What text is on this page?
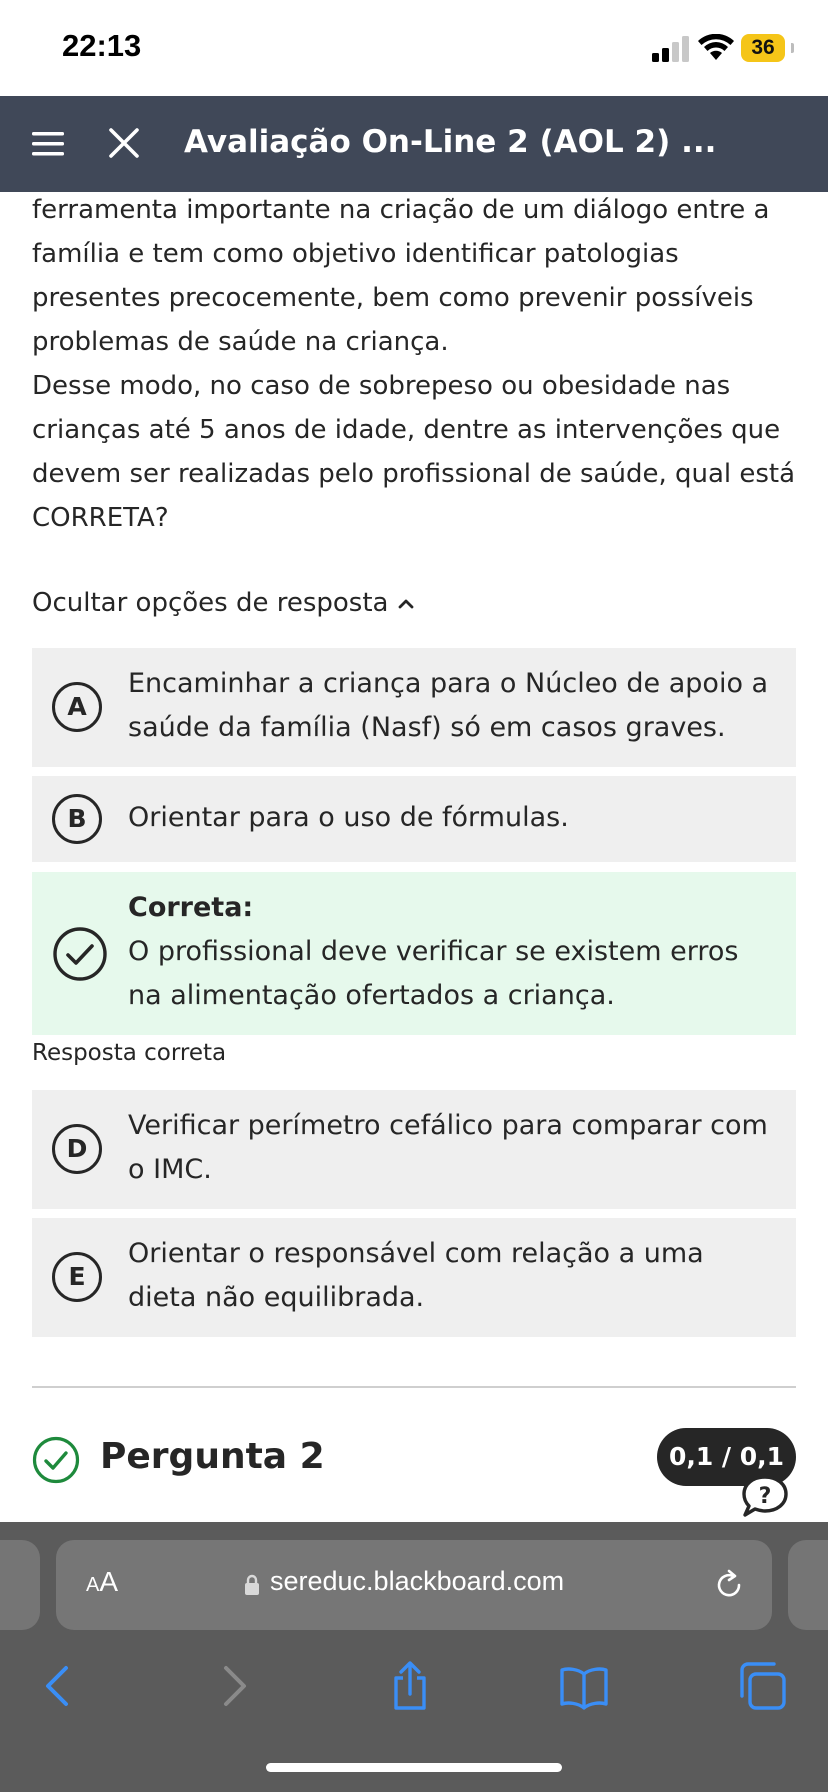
22:13	36
Avaliação On-Line 2 (AOL 2) ...

ferramenta importante na criação de um diálogo entre a família e tem como objetivo identificar patologias presentes precocemente, bem como prevenir possíveis problemas de saúde na criança.

Desse modo, no caso de sobrepeso ou obesidade nas crianças até 5 anos de idade, dentre as intervenções que devem ser realizadas pelo profissional de saúde, qual está CORRETA?

Ocultar opções de resposta
A
Encaminhar a criança para o Núcleo de apoio a saúde da família (Nasf) só em casos graves.
B	Orientar para o uso de fórmulas.
Correta:
O profissional deve verificar se existem erros na alimentação ofertados a criança.
Resposta correta
D
Verificar perímetro cefálico para comparar com o IMC.
E
Orientar o responsável com relação a uma dieta não equilibrada.
Pergunta 2	0,1 / 0,1
?
AA	sereduc.blackboard.com
